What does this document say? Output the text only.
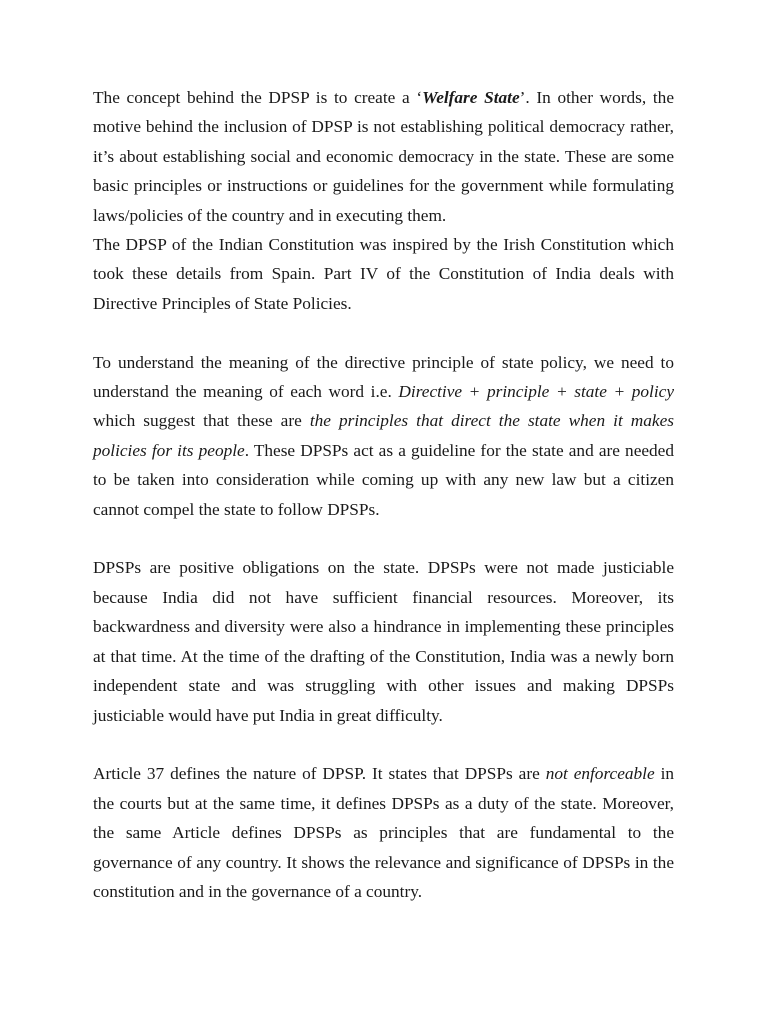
The concept behind the DPSP is to create a ‘Welfare State’. In other words, the motive behind the inclusion of DPSP is not establishing political democracy rather, it’s about establishing social and economic democracy in the state. These are some basic principles or instructions or guidelines for the government while formulating laws/policies of the country and in executing them.

The DPSP of the Indian Constitution was inspired by the Irish Constitution which took these details from Spain. Part IV of the Constitution of India deals with Directive Principles of State Policies.

To understand the meaning of the directive principle of state policy, we need to understand the meaning of each word i.e. Directive + principle + state + policy which suggest that these are the principles that direct the state when it makes policies for its people. These DPSPs act as a guideline for the state and are needed to be taken into consideration while coming up with any new law but a citizen cannot compel the state to follow DPSPs.

DPSPs are positive obligations on the state. DPSPs were not made justiciable because India did not have sufficient financial resources. Moreover, its backwardness and diversity were also a hindrance in implementing these principles at that time. At the time of the drafting of the Constitution, India was a newly born independent state and was struggling with other issues and making DPSPs justiciable would have put India in great difficulty.

Article 37 defines the nature of DPSP. It states that DPSPs are not enforceable in the courts but at the same time, it defines DPSPs as a duty of the state. Moreover, the same Article defines DPSPs as principles that are fundamental to the governance of any country. It shows the relevance and significance of DPSPs in the constitution and in the governance of a country.
